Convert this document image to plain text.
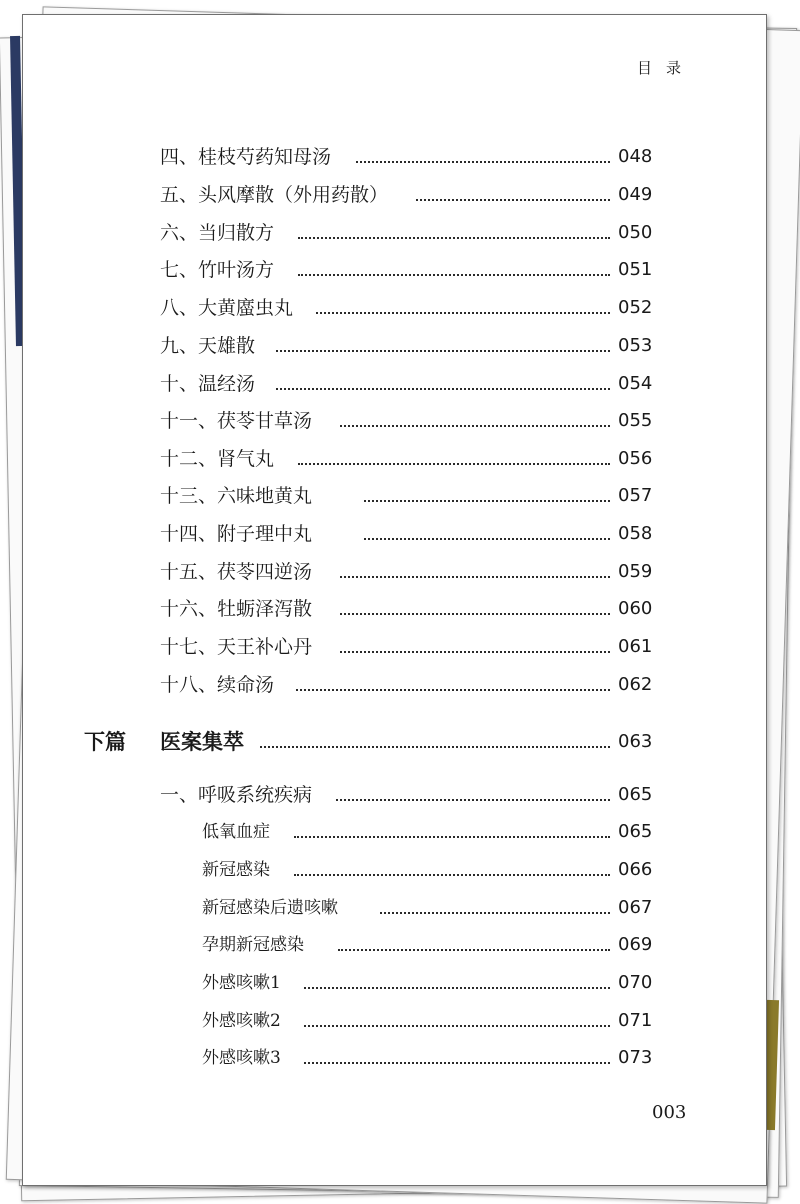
目录
四、桂枝芍药知母汤	048
五、头风摩散（外用药散）	049
六、当归散方	050
七、竹叶汤方	051
八、大黄䗪虫丸	052
九、天雄散	053
十、温经汤	054
十一、茯苓甘草汤	055
十二、肾气丸	056
十三、六味地黄丸	057
十四、附子理中丸	058
十五、茯苓四逆汤	059
十六、牡蛎泽泻散	060
十七、天王补心丹	061
十八、续命汤	062
下篇 医案集萃	063
一、呼吸系统疾病	065
低氧血症	065
新冠感染	066
新冠感染后遗咳嗽	067
孕期新冠感染	069
外感咳嗽1	070
外感咳嗽2	071
外感咳嗽3	073
003
